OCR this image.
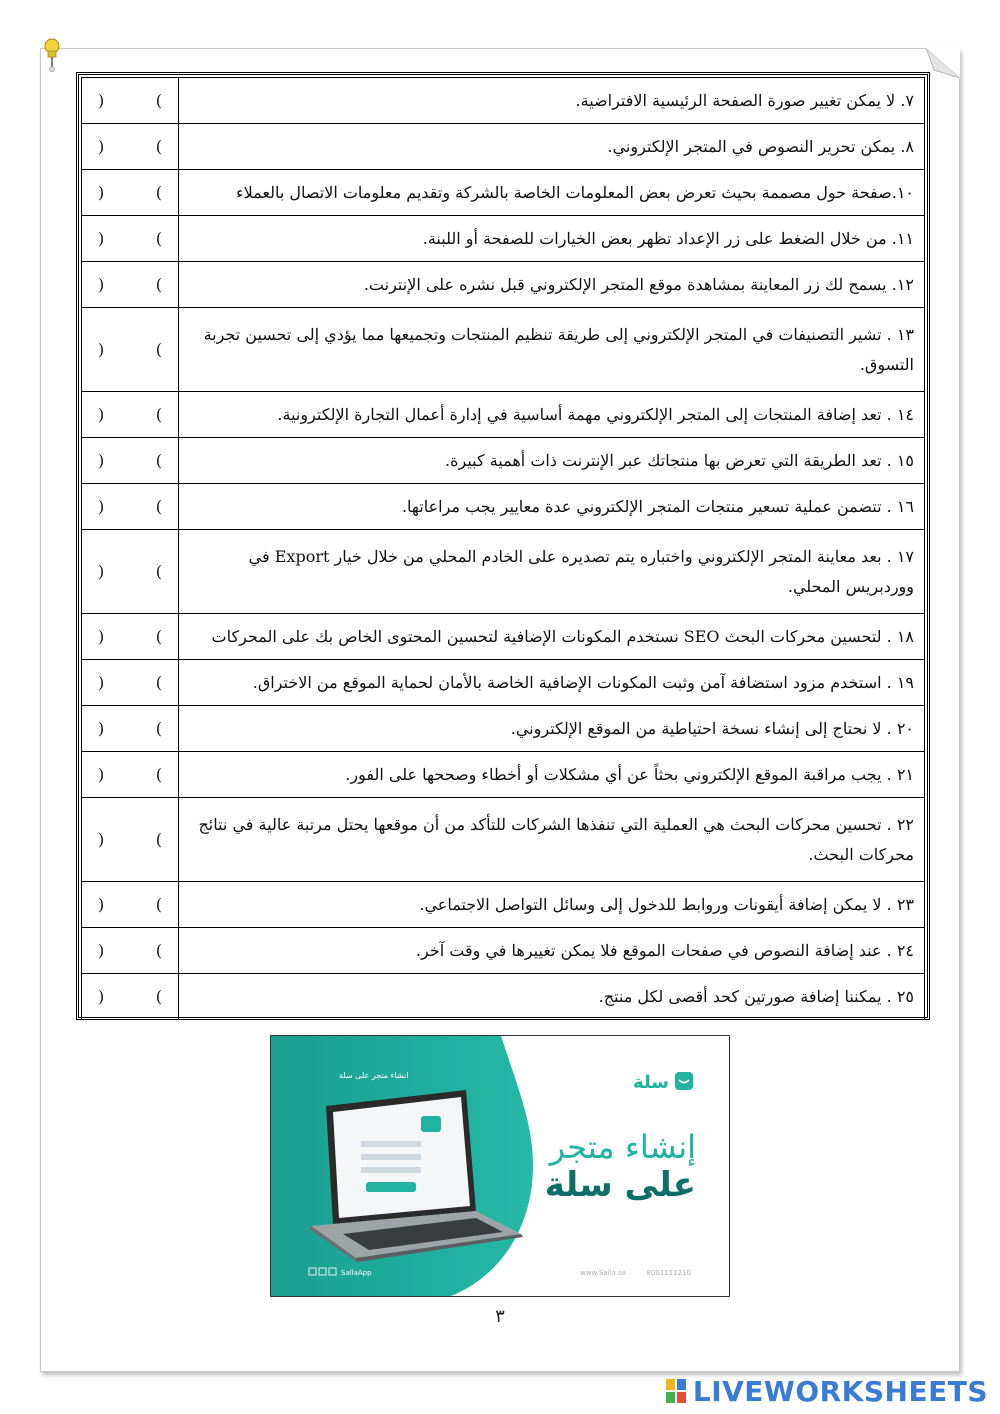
٧. لا يمكن تغيير صورة الصفحة الرئيسية الافتراضية.	) (

٨. يمكن تحرير النصوص في المتجر الإلكتروني.	) (

١٠.صفحة حول مصممة بحيث تعرض بعض المعلومات الخاصة بالشركة وتقديم معلومات الاتصال بالعملاء	) (

١١. من خلال الضغط على زر الإعداد تظهر بعض الخيارات للصفحة أو اللبنة.	) (

١٢. يسمح لك زر المعاينة بمشاهدة موقع المتجر الإلكتروني قبل نشره على الإنترنت.	) (

١٣ . تشير التصنيفات في المتجر الإلكتروني إلى طريقة تنظيم المنتجات وتجميعها مما يؤدي إلى تحسين تجربة التسوق.	) (

١٤ . تعد إضافة المنتجات إلى المتجر الإلكتروني مهمة أساسية في إدارة أعمال التجارة الإلكترونية.	) (

١٥ . تعد الطريقة التي تعرض بها منتجاتك عبر الإنترنت ذات أهمية كبيرة.	) (

١٦ . تتضمن عملية تسعير منتجات المتجر الإلكتروني عدة معايير يجب مراعاتها.	) (

١٧ . بعد معاينة المتجر الإلكتروني واختباره يتم تصديره على الخادم المحلي من خلال خيار Export في ووردبريس المحلي.	) (

١٨ . لتحسين محركات البحث SEO نستخدم المكونات الإضافية لتحسين المحتوى الخاص بك على المحركات	) (

١٩ . استخدم مزود استضافة آمن وثبت المكونات الإضافية الخاصة بالأمان لحماية الموقع من الاختراق.	) (

٢٠ . لا نحتاج إلى إنشاء نسخة احتياطية من الموقع الإلكتروني.	) (

٢١ . يجب مراقبة الموقع الإلكتروني بحثاً عن أي مشكلات أو أخطاء وصححها على الفور.	) (

٢٢ . تحسين محركات البحث هي العملية التي تنفذها الشركات للتأكد من أن موقعها يحتل مرتبة عالية في نتائج محركات البحث.	) (

٢٣ . لا يمكن إضافة أيقونات وروابط للدخول إلى وسائل التواصل الاجتماعي.	) (

٢٤ . عند إضافة النصوص في صفحات الموقع فلا يمكن تغييرها في وقت آخر.	) (

٢٥ . يمكننا إضافة صورتين كحد أقصى لكل منتج.	) (
انشاء متجر على سلة	سلة
إنشاء متجر
على سلة
SallaApp	www.Salla.sa	8001111210
٣
LIVEWORKSHEETS
